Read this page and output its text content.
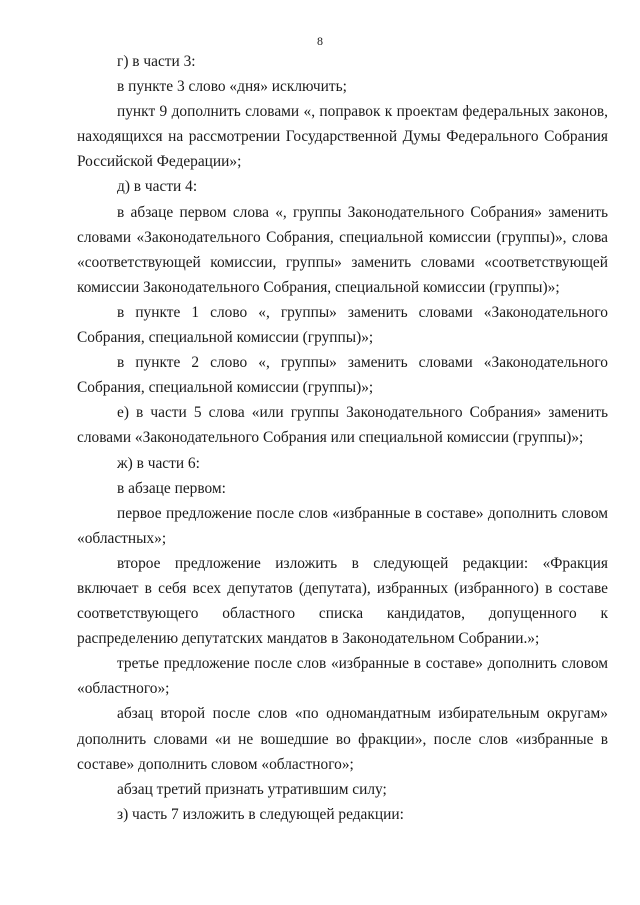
8

г) в части 3:

в пункте 3 слово «дня» исключить;

пункт 9 дополнить словами «, поправок к проектам федеральных законов, находящихся на рассмотрении Государственной Думы Федерального Собрания Российской Федерации»;

д) в части 4:

в абзаце первом слова «, группы Законодательного Собрания» заменить словами «Законодательного Собрания, специальной комиссии (группы)», слова «соответствующей комиссии, группы» заменить словами «соответствующей комиссии Законодательного Собрания, специальной комиссии (группы)»;

в пункте 1 слово «, группы» заменить словами «Законодательного Собрания, специальной комиссии (группы)»;

в пункте 2 слово «, группы» заменить словами «Законодательного Собрания, специальной комиссии (группы)»;

е) в части 5 слова «или группы Законодательного Собрания» заменить словами «Законодательного Собрания или специальной комиссии (группы)»;

ж) в части 6:

в абзаце первом:

первое предложение после слов «избранные в составе» дополнить словом «областных»;

второе предложение изложить в следующей редакции: «Фракция включает в себя всех депутатов (депутата), избранных (избранного) в составе соответствующего областного списка кандидатов, допущенного к распределению депутатских мандатов в Законодательном Собрании.»;

третье предложение после слов «избранные в составе» дополнить словом «областного»;

абзац второй после слов «по одномандатным избирательным округам» дополнить словами «и не вошедшие во фракции», после слов «избранные в составе» дополнить словом «областного»;

абзац третий признать утратившим силу;

з) часть 7 изложить в следующей редакции:
